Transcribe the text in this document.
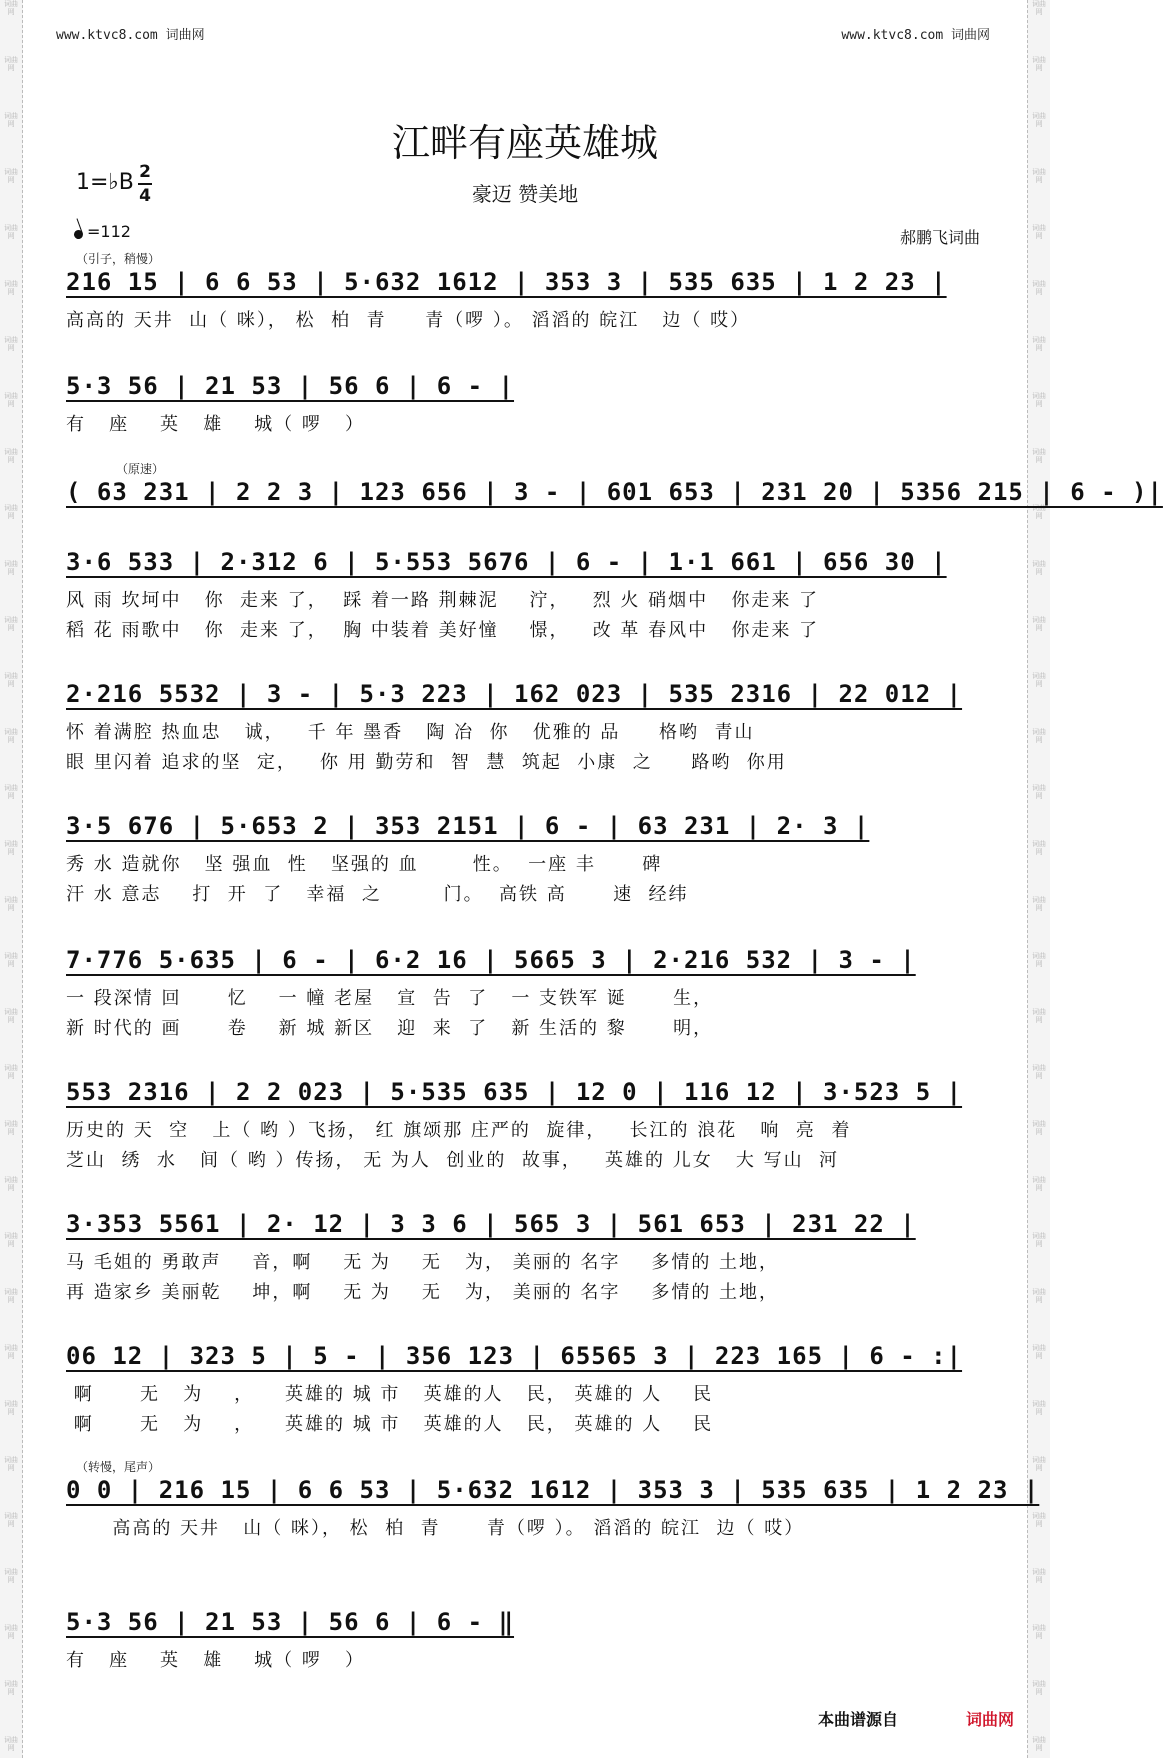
词曲网
词曲网
词曲网
词曲网
词曲网
词曲网
词曲网
词曲网
词曲网
词曲网
词曲网
词曲网
词曲网
词曲网
词曲网
词曲网
词曲网
词曲网
词曲网
词曲网
词曲网
词曲网
词曲网
词曲网
词曲网
词曲网
词曲网
词曲网
词曲网
词曲网
词曲网
词曲网
词曲网
词曲网
词曲网
词曲网
词曲网
词曲网
词曲网
词曲网
词曲网
词曲网
词曲网
词曲网
词曲网
词曲网
词曲网
词曲网
词曲网
词曲网
词曲网
词曲网
词曲网
词曲网
词曲网
词曲网
词曲网
词曲网
词曲网
词曲网
词曲网
词曲网
词曲网
词曲网
www.ktvc8.com 词曲网	www.ktvc8.com 词曲网
江畔有座英雄城
豪迈 赞美地
1=♭B 2
4
=112	郝鹏飞词曲
（引子，稍慢）
216 15 | 6 6 53 | 5·632 1612 | 353 3 | 535 635 | 1 2 23 |
高高的 天井  山（ 咪）， 松  柏  青     青（啰 ）。 滔滔的 皖江   边（ 哎）
5·3 56 | 21 53 | 56 6 | 6 - |
有   座    英   雄    城（ 啰   ）
（原速）
( 63 231 | 2 2 3 | 123 656 | 3 - | 601 653 | 231 20 | 5356 215 | 6 - )|
3·6 533 | 2·312 6 | 5·553 5676 | 6 - | 1·1 661 | 656 30 |
风 雨 坎坷中   你  走来 了，  踩 着一路 荆棘泥    泞，   烈 火 硝烟中   你走来 了
稻 花 雨歌中   你  走来 了，  胸 中装着 美好憧    憬，   改 革 春风中   你走来 了
2·216 5532 | 3 - | 5·3 223 | 162 023 | 535 2316 | 22 012 |
怀 着满腔 热血忠   诚，   千 年 墨香   陶 冶  你   优雅的 品     格哟  青山
眼 里闪着 追求的坚  定，   你 用 勤劳和  智  慧  筑起  小康  之     路哟  你用
3·5 676 | 5·653 2 | 353 2151 | 6 - | 63 231 | 2· 3 |
秀 水 造就你   坚 强血  性   坚强的 血       性。  一座 丰      碑
汗 水 意志    打  开  了   幸福  之        门。  高铁 高      速  经纬
7·776 5·635 | 6 - | 6·2 16 | 5665 3 | 2·216 532 | 3 - |
一 段深情 回      忆    一 幢 老屋   宣  告  了   一 支铁军 诞      生，
新 时代的 画      卷    新 城 新区   迎  来  了   新 生活的 黎      明，
553 2316 | 2 2 023 | 5·535 635 | 12 0 | 116 12 | 3·523 5 |
历史的 天  空   上（ 哟 ）飞扬， 红 旗颂那 庄严的  旋律，   长江的 浪花   响  亮  着
芝山  绣  水   间（ 哟 ）传扬， 无 为人  创业的  故事，   英雄的 儿女   大 写山  河
3·353 5561 | 2· 12 | 3 3 6 | 565 3 | 561 653 | 231 22 |
马 毛姐的 勇敢声    音，啊    无 为    无   为， 美丽的 名字    多情的 土地，
再 造家乡 美丽乾    坤，啊    无 为    无   为， 美丽的 名字    多情的 土地，
06 12 | 323 5 | 5 - | 356 123 | 65565 3 | 223 165 | 6 - :|
啊      无   为    ，    英雄的 城 市   英雄的人   民， 英雄的 人    民
啊      无   为    ，    英雄的 城 市   英雄的人   民， 英雄的 人    民
（转慢，尾声）
0 0 | 216 15 | 6 6 53 | 5·632 1612 | 353 3 | 535 635 | 1 2 23 |
高高的 天井   山（ 咪）， 松  柏  青      青（啰 ）。 滔滔的 皖江  边（ 哎）
5·3 56 | 21 53 | 56 6 | 6 - ‖
有   座    英   雄    城（ 啰   ）
本曲谱源自	词曲网
